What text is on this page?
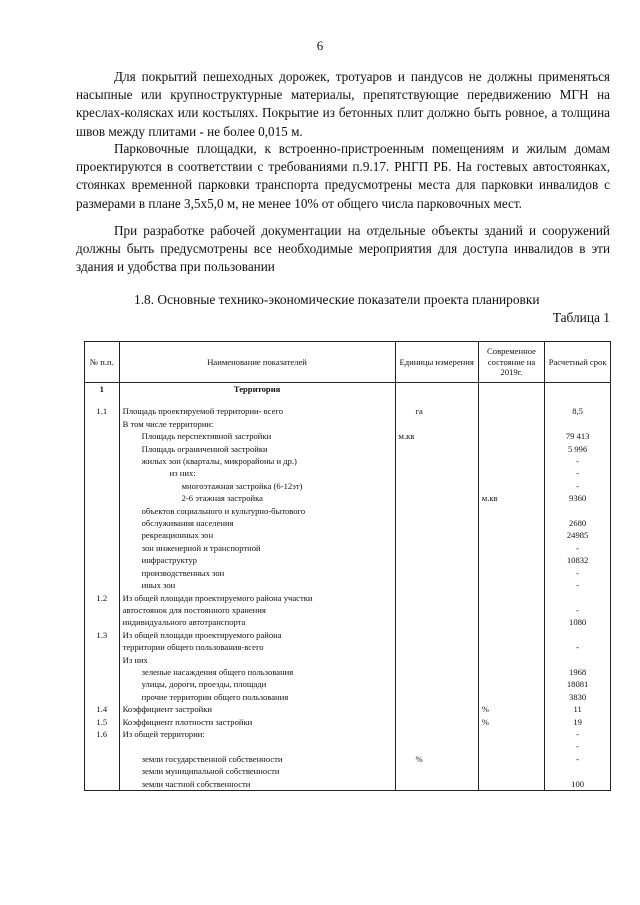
6

Для покрытий пешеходных дорожек, тротуаров и пандусов не должны применяться насыпные или крупноструктурные материалы, препятствующие передвижению МГН на креслах-колясках или костылях. Покрытие из бетонных плит должно быть ровное, а толщина швов между плитами - не более 0,015 м.

Парковочные площадки, к встроенно-пристроенным помещениям и жилым домам проектируются в соответствии с требованиями п.9.17. РНГП РБ. На гостевых автостоянках, стоянках временной парковки транспорта предусмотрены места для парковки инвалидов с размерами в плане 3,5х5,0 м, не менее 10% от общего числа парковочных мест.

При разработке рабочей документации на отдельные объекты зданий и сооружений должны быть предусмотрены все необходимые мероприятия для доступа инвалидов в эти здания и удобства при пользовании

1.8. Основные технико-экономические показатели проекта планировки
Таблица 1
№ п.п.	Наименование показателей	Единицы измерения	Современное состояние на 2019г.	Расчетный срок
1	Территория			

1.1	Площадь проектируемой территории- всего	га		8,5
	В том числе территории:			
	Площадь перспективной застройки	м.кв		79 413
	Площадь ограниченной застройки			5 996
	жилых зон (кварталы, микрорайоны и др.)			-
	из них:			-
	многоэтажная застройка (6-12эт)			-
	2-6 этажная застройка		м.кв	9360
	объектов социального и культурно-бытового			
	обслуживания населения			2680
	рекреационных зон			24985
	зон инженерной и транспортной			-
	инфраструктур			10832
	производственных зон			-
	иных зон			-
1.2	Из общей площади проектируемого района участки			
	автостоянок для постоянного хранения			-
	индивидуального автотранспорта			1080
1.3	Из общей площади проектируемого района			
	территории общего пользования-всего			-
	Из них			
	зеленые насаждения общего пользования			1968
	улицы, дороги, проезды, площади			18081
	прочие территории общего пользования			3830
1.4	Коэффициент застройки		%	11
1.5	Коэффициент плотности застройки		%	19
1.6	Из общей территории:			-
				-
	земли государственной собственности	%		-
	земли муниципальной собственности			
	земли частной собственности			100
